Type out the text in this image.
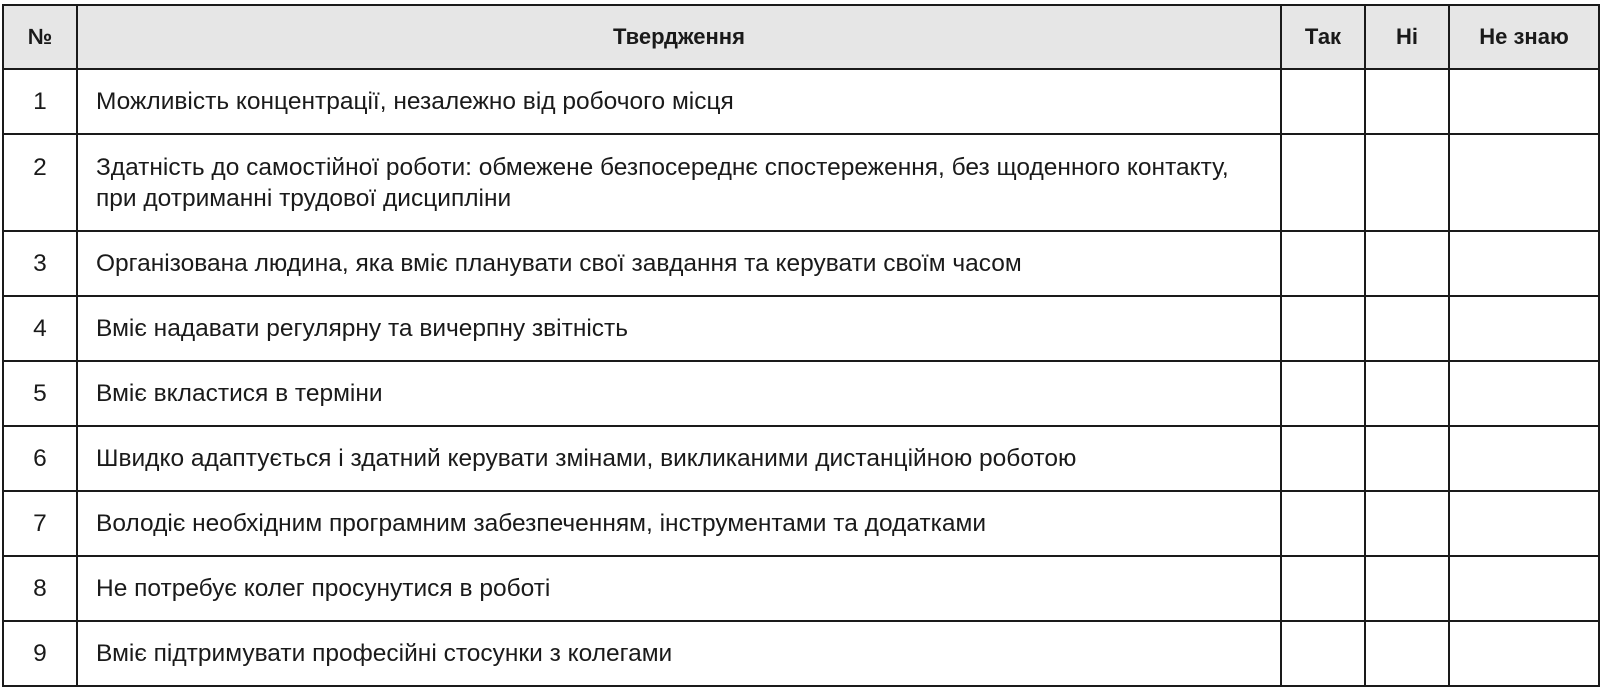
№	Твердження	Так	Ні	Не знаю
1	Можливість концентрації, незалежно від робочого місця			
2	Здатність до самостійної роботи: обмежене безпосереднє спостереження, без щоденного контакту, при дотриманні трудової дисципліни			
3	Організована людина, яка вміє планувати свої завдання та керувати своїм часом			
4	Вміє надавати регулярну та вичерпну звітність			
5	Вміє вкластися в терміни			
6	Швидко адаптується і здатний керувати змінами, викликаними дистанційною роботою			
7	Володіє необхідним програмним забезпеченням, інструментами та додатками			
8	Не потребує колег просунутися в роботі			
9	Вміє підтримувати професійні стосунки з колегами			
